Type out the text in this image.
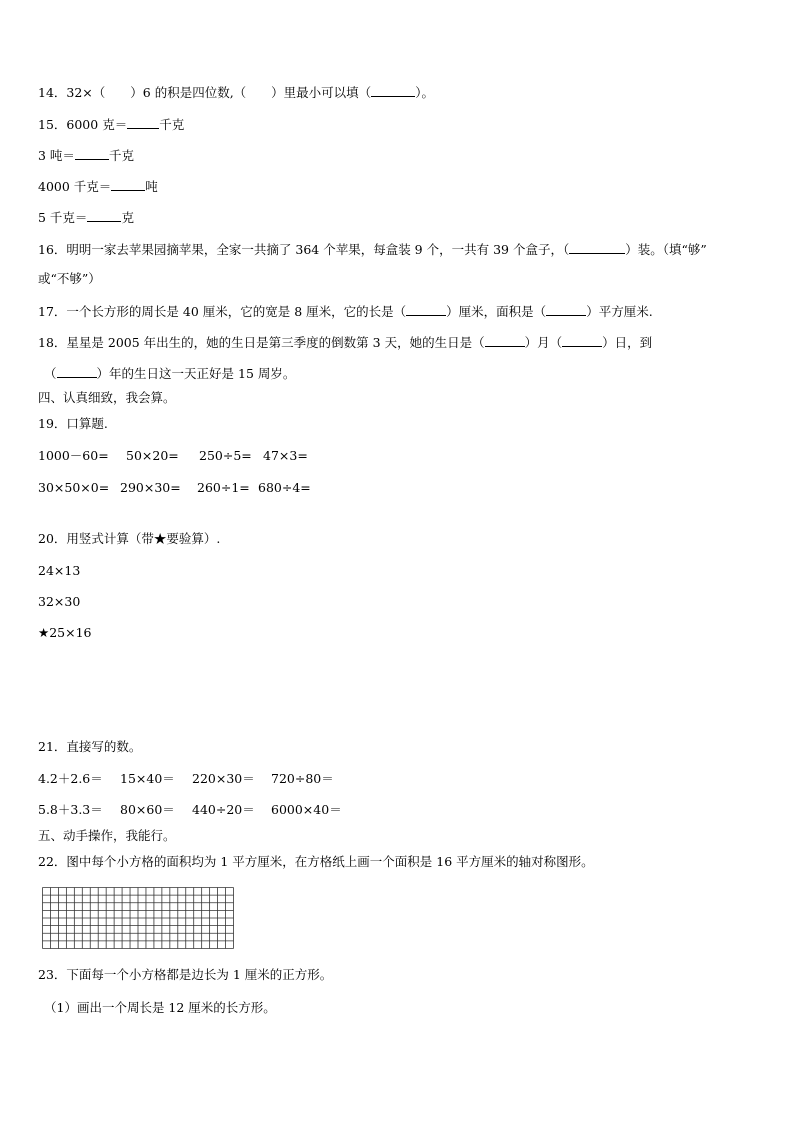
14．32×（　　）6 的积是四位数,（　　）里最小可以填（	）。
15．6000 克＝	千克
3 吨＝	千克
4000 千克＝	吨
5 千克＝	克
16．明明一家去苹果园摘苹果，全家一共摘了 364 个苹果，每盒装 9 个，一共有 39 个盒子，（	）装。（填“够”
或“不够”）
17．一个长方形的周长是 40 厘米，它的宽是 8 厘米，它的长是（	）厘米，面积是（	）平方厘米.
18．星星是 2005 年出生的，她的生日是第三季度的倒数第 3 天，她的生日是（	）月（	）日，到
（	）年的生日这一天正好是 15 周岁。
四、认真细致，我会算。
19．口算题.
1000－60= 50×20= 250÷5= 47×3=
30×50×0= 290×30= 260÷1= 680÷4=
20．用竖式计算（带★要验算）.
24×13
32×30
★25×16
21．直接写的数。
4.2＋2.6＝ 15×40＝ 220×30＝ 720÷80＝
5.8＋3.3＝ 80×60＝ 440÷20＝ 6000×40＝
五、动手操作，我能行。
22．图中每个小方格的面积均为 1 平方厘米，在方格纸上画一个面积是 16 平方厘米的轴对称图形。
23．下面每一个小方格都是边长为 1 厘米的正方形。
（1）画出一个周长是 12 厘米的长方形。
